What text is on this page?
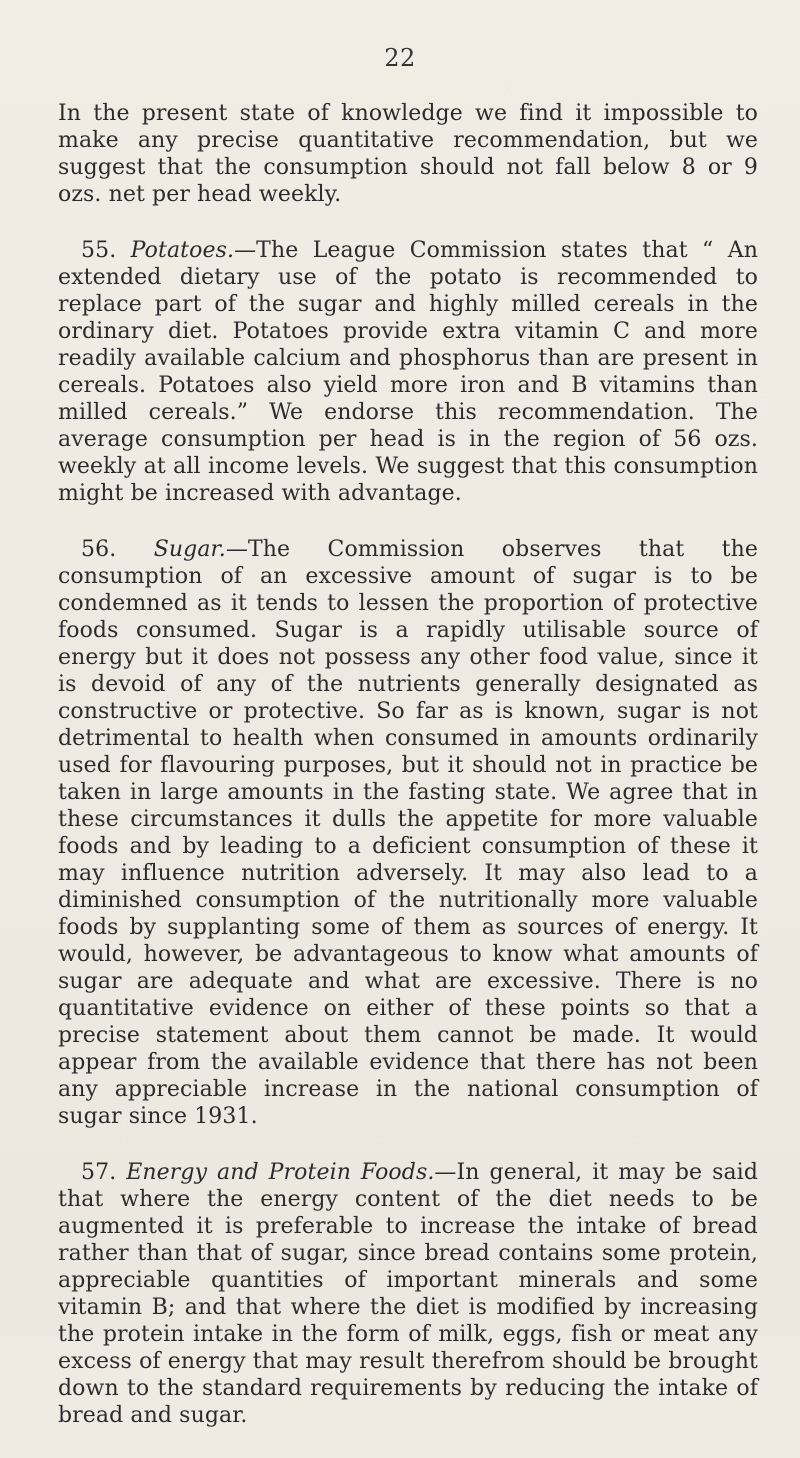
22

In the present state of knowledge we find it impossible to make any precise quantitative recommendation, but we suggest that the consumption should not fall below 8 or 9 ozs. net per head weekly.

55. Potatoes.—The League Commission states that “ An extended dietary use of the potato is recommended to replace part of the sugar and highly milled cereals in the ordinary diet. Potatoes provide extra vitamin C and more readily available calcium and phosphorus than are present in cereals. Potatoes also yield more iron and B vitamins than milled cereals.” We endorse this recommendation. The average consumption per head is in the region of 56 ozs. weekly at all income levels. We suggest that this consumption might be increased with advantage.

56. Sugar.—The Commission observes that the consumption of an excessive amount of sugar is to be condemned as it tends to lessen the proportion of protective foods consumed. Sugar is a rapidly utilisable source of energy but it does not possess any other food value, since it is devoid of any of the nutrients generally designated as constructive or protective. So far as is known, sugar is not detrimental to health when consumed in amounts ordinarily used for flavouring purposes, but it should not in practice be taken in large amounts in the fasting state. We agree that in these circumstances it dulls the appetite for more valuable foods and by leading to a deficient consumption of these it may influence nutrition adversely. It may also lead to a diminished consumption of the nutritionally more valuable foods by supplanting some of them as sources of energy. It would, however, be advantageous to know what amounts of sugar are adequate and what are excessive. There is no quantitative evidence on either of these points so that a precise statement about them cannot be made. It would appear from the available evidence that there has not been any appreciable increase in the national consumption of sugar since 1931.

57. Energy and Protein Foods.—In general, it may be said that where the energy content of the diet needs to be augmented it is preferable to increase the intake of bread rather than that of sugar, since bread contains some protein, appreciable quantities of important minerals and some vitamin B; and that where the diet is modified by increasing the protein intake in the form of milk, eggs, fish or meat any excess of energy that may result therefrom should be brought down to the standard requirements by reducing the intake of bread and sugar.
